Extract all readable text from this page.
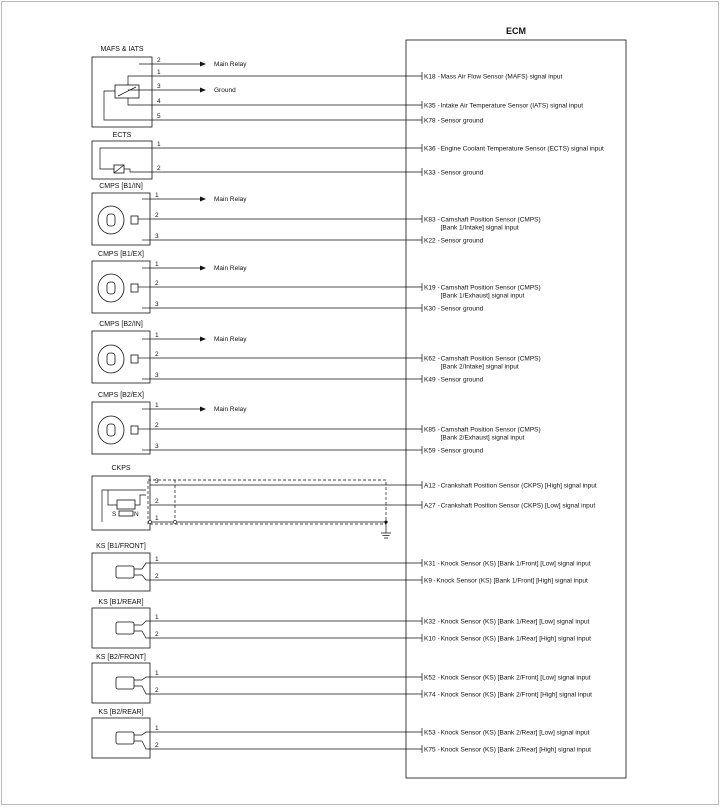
ECM
MAFS & IATS
2
Main Relay
1
K18 Mass Air Flow Sensor (MAFS) signal input
-
3
Ground
4
K35 Intake Air Temperature Sensor (IATS) signal input
-
5
K78 Sensor ground
-
ECTS
1
K36 Engine Coolant Temperature Sensor (ECTS) signal input
-
2
K33 Sensor ground
-
CMPS [B1/IN]
1
Main Relay
2
K83 Camshaft Position Sensor (CMPS)
[Bank 1/Intake] signal input
-
3
K22 Sensor ground
-
CMPS [B1/EX]
1
Main Relay
2
K19 Camshaft Position Sensor (CMPS)
[Bank 1/Exhaust] signal input
-
3
K30 Sensor ground
-
CMPS [B2/IN]
1
Main Relay
2
K62 Camshaft Position Sensor (CMPS)
[Bank 2/Intake] signal input
-
3
K49 Sensor ground
-
CMPS [B2/EX]
1
Main Relay
2
K85 Camshaft Position Sensor (CMPS)
[Bank 2/Exhaust] signal input
-
3
K59 Sensor ground
-
CKPS
S	N
3
A12 Crankshaft Position Sensor (CKPS) [High] signal input
-
2
A27 Crankshaft Position Sensor (CKPS) [Low] signal input
-
1
KS [B1/FRONT]
1
K31 Knock Sensor (KS) [Bank 1/Front] [Low] signal input
-
2
K9 Knock Sensor (KS) [Bank 1/Front] [High] signal input
-
KS [B1/REAR]
1
K32 Knock Sensor (KS) [Bank 1/Rear] [Low] signal input
-
2
K10 Knock Sensor (KS) [Bank 1/Rear] [High] signal input
-
KS [B2/FRONT]
1
K52 Knock Sensor (KS) [Bank 2/Front] [Low] signal input
-
2
K74 Knock Sensor (KS) [Bank 2/Front] [High] signal input
-
KS [B2/REAR]
1
K53 Knock Sensor (KS) [Bank 2/Rear] [Low] signal input
-
2
K75 Knock Sensor (KS) [Bank 2/Rear] [High] signal input
-
